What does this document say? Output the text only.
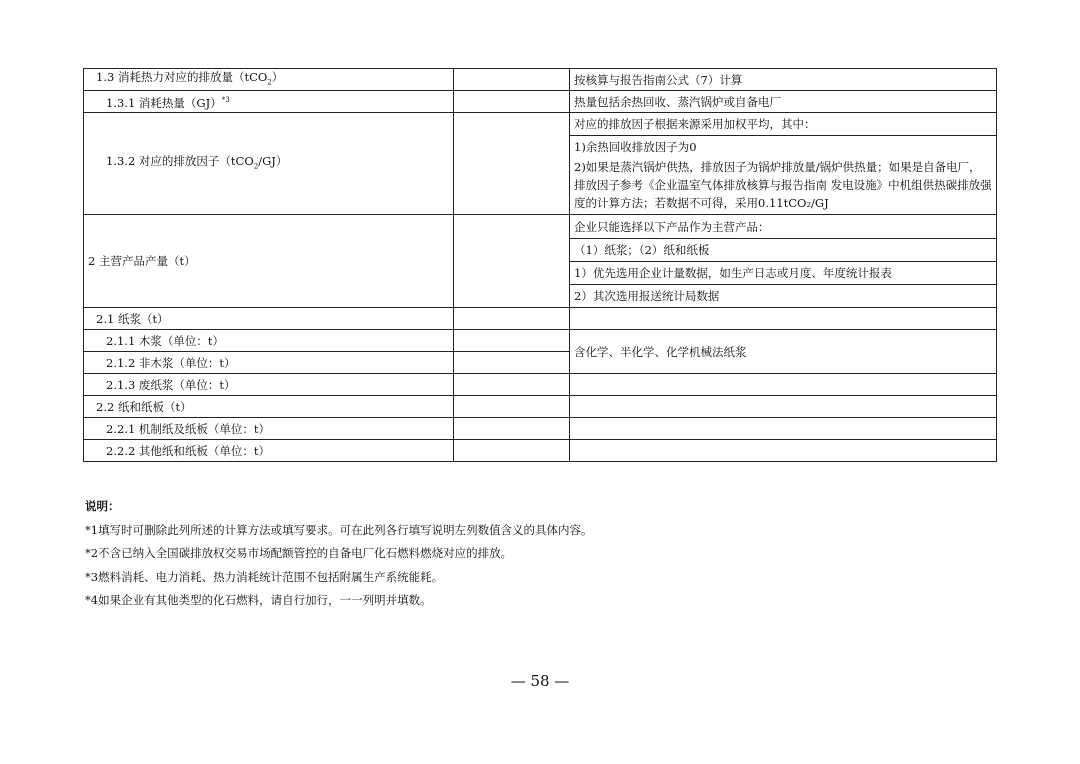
1.3 消耗热力对应的排放量（tCO$_2$）		按核算与报告指南公式（7）计算
1.3.1 消耗热量（GJ）$^{*3}$		热量包括余热回收、蒸汽锅炉或自备电厂
1.3.2 对应的排放因子（tCO$_2$/GJ）		对应的排放因子根据来源采用加权平均，其中：
1)余热回收排放因子为0
2)如果是蒸汽锅炉供热，排放因子为锅炉排放量/锅炉供热量；如果是自备电厂，排放因子参考《企业温室气体排放核算与报告指南 发电设施》中机组供热碳排放强度的计算方法；若数据不可得，采用0.11tCO₂/GJ

2 主营产品产量（t）		企业只能选择以下产品作为主营产品：
（1）纸浆；（2）纸和纸板
1）优先选用企业计量数据，如生产日志或月度、年度统计报表
2）其次选用报送统计局数据

2.1 纸浆（t）		
2.1.1 木浆（单位：t）		含化学、半化学、化学机械法纸浆
2.1.2 非木浆（单位：t）		
2.1.3 废纸浆（单位：t）		
2.2 纸和纸板（t）		
2.2.1 机制纸及纸板（单位：t）		
2.2.2 其他纸和纸板（单位：t）		
说明：
*1填写时可删除此列所述的计算方法或填写要求。可在此列各行填写说明左列数值含义的具体内容。
*2不含已纳入全国碳排放权交易市场配额管控的自备电厂化石燃料燃烧对应的排放。
*3燃料消耗、电力消耗、热力消耗统计范围不包括附属生产系统能耗。
*4如果企业有其他类型的化石燃料，请自行加行，一一列明并填数。
— 58 —
